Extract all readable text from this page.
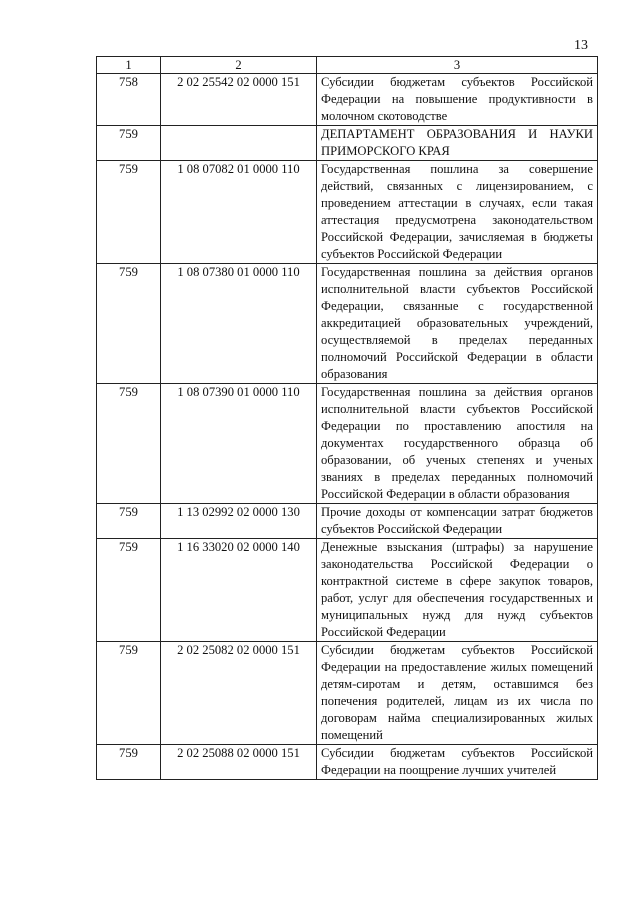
13
1	2	3
758	2 02 25542 02 0000 151	Субсидии бюджетам субъектов Российской Федерации на повышение продуктивности в молочном скотоводстве
759		ДЕПАРТАМЕНТ ОБРАЗОВАНИЯ И НАУКИ ПРИМОРСКОГО КРАЯ
759	1 08 07082 01 0000 110	Государственная пошлина за совершение действий, связанных с лицензированием, с проведением аттестации в случаях, если такая аттестация предусмотрена законодательством Российской Федерации, зачисляемая в бюджеты субъектов Российской Федерации
759	1 08 07380 01 0000 110	Государственная пошлина за действия органов исполнительной власти субъектов Российской Федерации, связанные с государственной аккредитацией образовательных учреждений, осуществляемой в пределах переданных полномочий Российской Федерации в области образования
759	1 08 07390 01 0000 110	Государственная пошлина за действия органов исполнительной власти субъектов Российской Федерации по проставлению апостиля на документах государственного образца об образовании, об ученых степенях и ученых званиях в пределах переданных полномочий Российской Федерации в области образования
759	1 13 02992 02 0000 130	Прочие доходы от компенсации затрат бюджетов субъектов Российской Федерации
759	1 16 33020 02 0000 140	Денежные взыскания (штрафы) за нарушение законодательства Российской Федерации о контрактной системе в сфере закупок товаров, работ, услуг для обеспечения государственных и муниципальных нужд для нужд субъектов Российской Федерации
759	2 02 25082 02 0000 151	Субсидии бюджетам субъектов Российской Федерации на предоставление жилых помещений детям-сиротам и детям, оставшимся без попечения родителей, лицам из их числа по договорам найма специализированных жилых помещений
759	2 02 25088 02 0000 151	Субсидии бюджетам субъектов Российской Федерации на поощрение лучших учителей
